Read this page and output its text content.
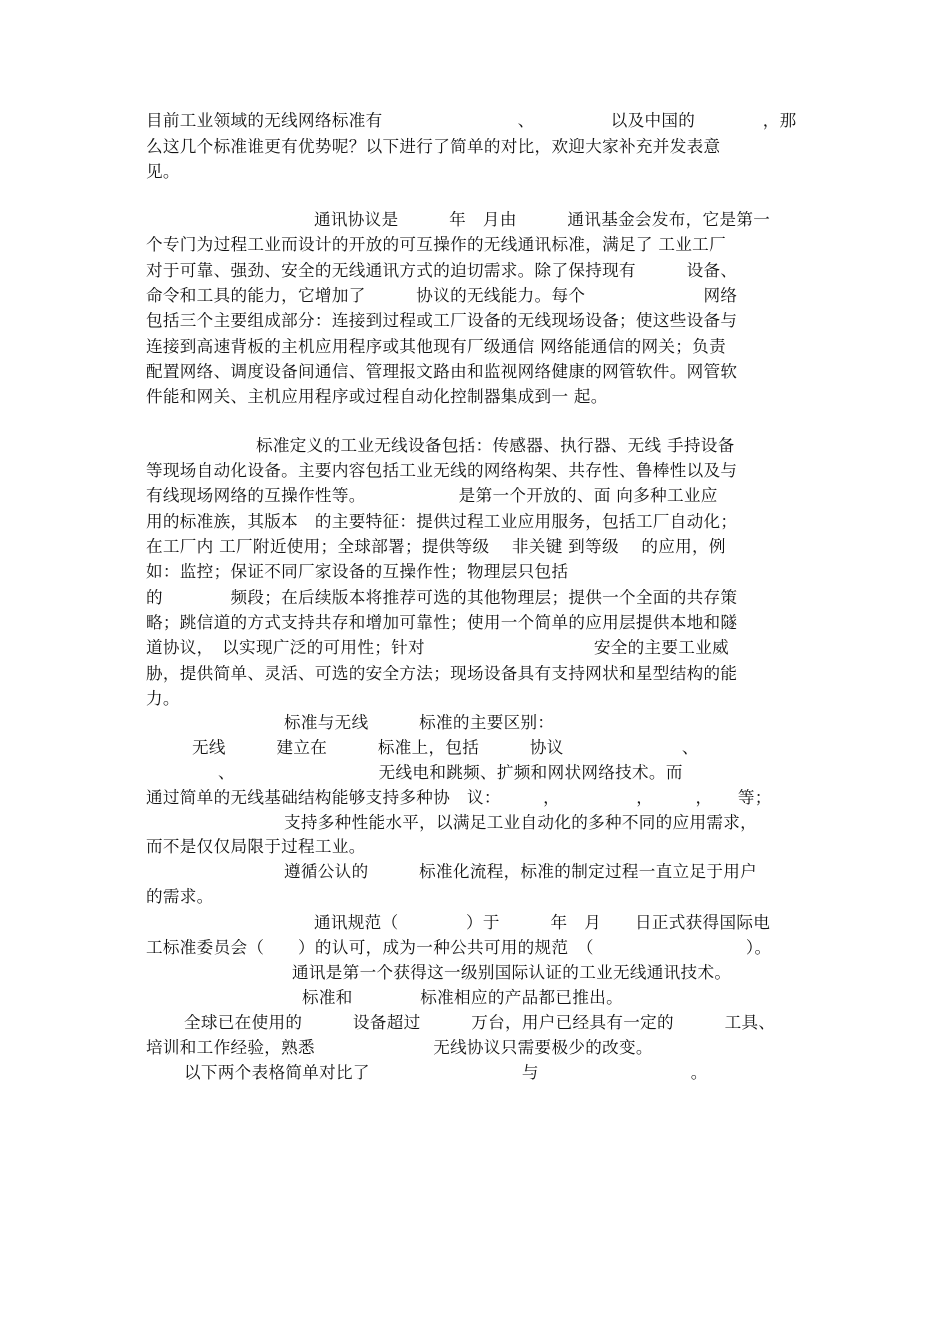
目前工业领域的无线网络标准有　　　　　　　　、　　　　　以及中国的　　　　，那
么这几个标准谁更有优势呢？以下进行了简单的对比，欢迎大家补充并发表意
见。
通讯协议是　　　年　月由　　　通讯基金会发布，它是第一
个专门为过程工业而设计的开放的可互操作的无线通讯标准，满足了 工业工厂
对于可靠、强劲、安全的无线通讯方式的迫切需求。除了保持现有　　　设备、
命令和工具的能力，它增加了　　　协议的无线能力。每个　　　　　　　网络
包括三个主要组成部分：连接到过程或工厂设备的无线现场设备；使这些设备与
连接到高速背板的主机应用程序或其他现有厂级通信 网络能通信的网关；负责
配置网络、调度设备间通信、管理报文路由和监视网络健康的网管软件。网管软
件能和网关、主机应用程序或过程自动化控制器集成到一 起。
标准定义的工业无线设备包括：传感器、执行器、无线 手持设备
等现场自动化设备。主要内容包括工业无线的网络构架、共存性、鲁棒性以及与
有线现场网络的互操作性等。　　　　　　是第一个开放的、面 向多种工业应
用的标准族，其版本　的主要特征：提供过程工业应用服务，包括工厂自动化；
在工厂内 工厂附近使用；全球部署；提供等级　 非关键 到等级　 的应用，例
如：监控；保证不同厂家设备的互操作性；物理层只包括
的　　　　频段；在后续版本将推荐可选的其他物理层；提供一个全面的共存策
略；跳信道的方式支持共存和增加可靠性；使用一个简单的应用层提供本地和隧
道协议，　以实现广泛的可用性；针对　　　　　　　　　　安全的主要工业威
胁，提供简单、灵活、可选的安全方法；现场设备具有支持网状和星型结构的能
力。
标准与无线　　　标准的主要区别：
无线　　　建立在　　　标准上，包括　　　协议　　　　　　　、
、　　　　　　　　　无线电和跳频、扩频和网状网络技术。而
通过简单的无线基础结构能够支持多种协　议：　　　，　　　　　，　　　，　　等；
支持多种性能水平，以满足工业自动化的多种不同的应用需求，
而不是仅仅局限于过程工业。
遵循公认的　　　标准化流程，标准的制定过程一直立足于用户
的需求。
通讯规范（　　　　）于　　　年　月　　日正式获得国际电
工标准委员会（　　）的认可，成为一种公共可用的规范　（　　　　　　　　　）。
通讯是第一个获得这一级别国际认证的工业无线通讯技术。
标准和　　　　标准相应的产品都已推出。
全球已在使用的　　　设备超过　　　万台，用户已经具有一定的　　　工具、
培训和工作经验，熟悉　　　　　　　无线协议只需要极少的改变。
以下两个表格简单对比了　　　　　　　　　与　　　　　　　　　。
